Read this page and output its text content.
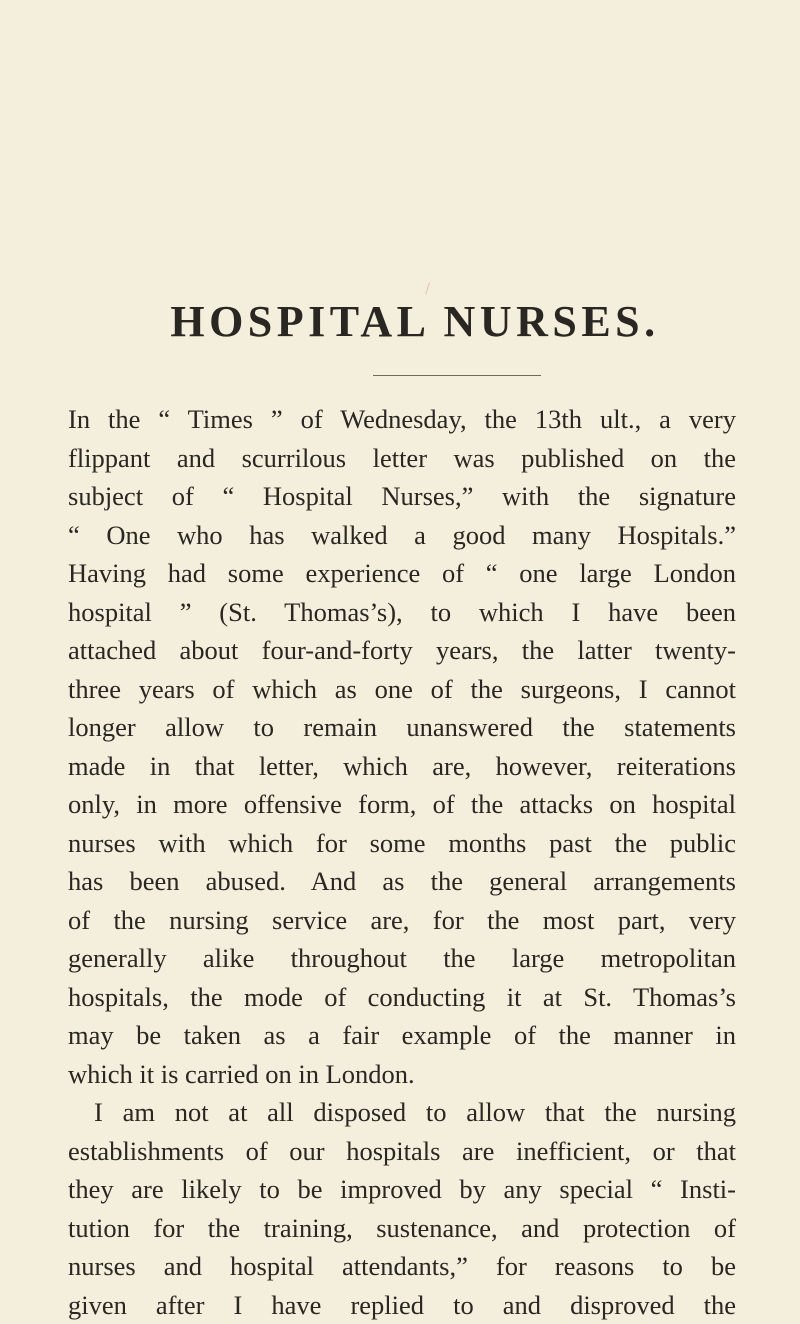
HOSPITAL NURSES.

In the “ Times ” of Wednesday, the 13th ult., a very
flippant and scurrilous letter was published on the
subject of “ Hospital Nurses,” with the signature
“ One who has walked a good many Hospitals.”
Having had some experience of “ one large London
hospital ” (St. Thomas’s), to which I have been
attached about four-and-forty years, the latter twenty-
three years of which as one of the surgeons, I cannot
longer allow to remain unanswered the statements
made in that letter, which are, however, reiterations
only, in more offensive form, of the attacks on hospital
nurses with which for some months past the public
has been abused. And as the general arrangements
of the nursing service are, for the most part, very
generally alike throughout the large metropolitan
hospitals, the mode of conducting it at St. Thomas’s
may be taken as a fair example of the manner in
which it is carried on in London.

I am not at all disposed to allow that the nursing
establishments of our hospitals are inefficient, or that
they are likely to be improved by any special “ Insti-
tution for the training, sustenance, and protection of
nurses and hospital attendants,” for reasons to be
given after I have replied to and disproved the
